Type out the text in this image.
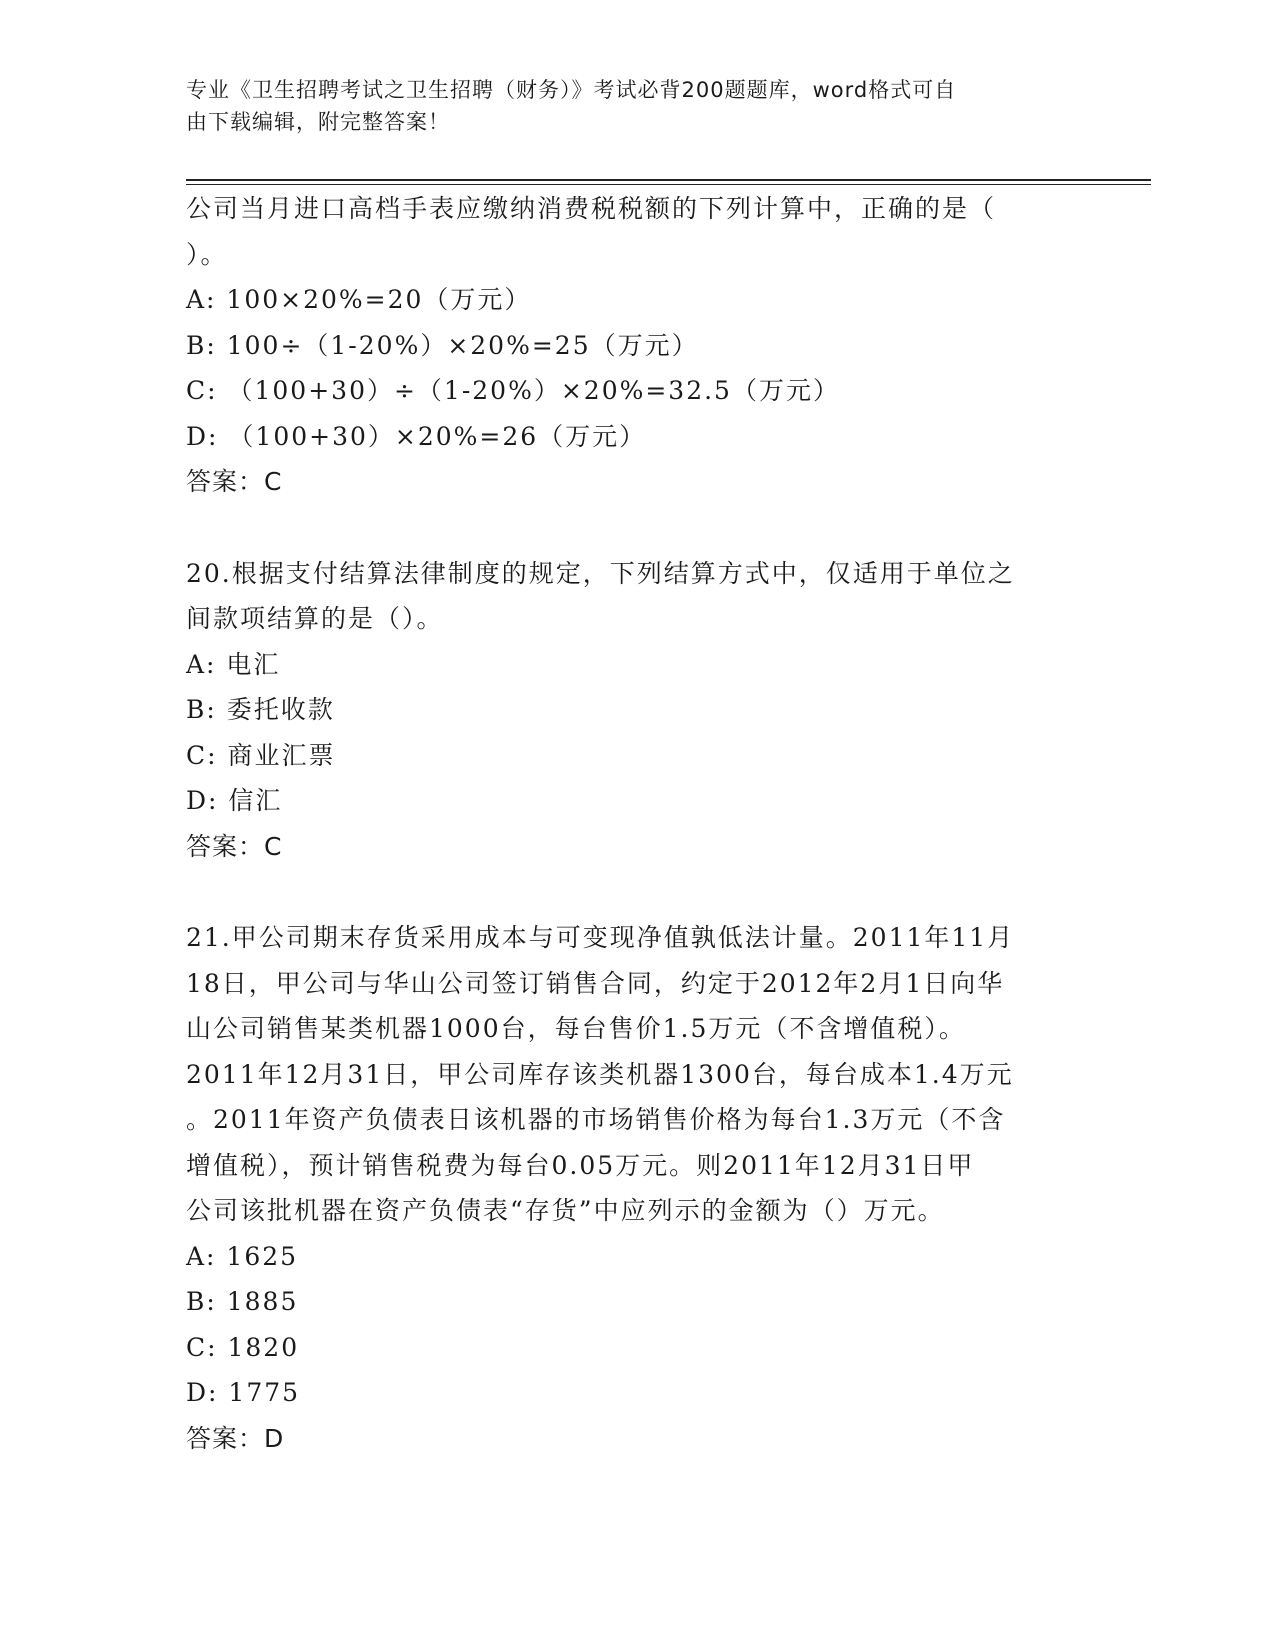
专业《卫生招聘考试之卫生招聘（财务）》考试必背200题题库，word格式可自
由下载编辑，附完整答案！
公司当月进口高档手表应缴纳消费税税额的下列计算中，正确的是（
）。
A: 100×20%=20（万元）
B: 100÷（1-20%）×20%=25（万元）
C: （100+30）÷（1-20%）×20%=32.5（万元）
D: （100+30）×20%=26（万元）
答案：C
20.根据支付结算法律制度的规定，下列结算方式中，仅适用于单位之
间款项结算的是（）。
A: 电汇
B: 委托收款
C: 商业汇票
D: 信汇
答案：C
21.甲公司期末存货采用成本与可变现净值孰低法计量。2011年11月
18日，甲公司与华山公司签订销售合同，约定于2012年2月1日向华
山公司销售某类机器1000台，每台售价1.5万元（不含增值税）。
2011年12月31日，甲公司库存该类机器1300台，每台成本1.4万元
。2011年资产负债表日该机器的市场销售价格为每台1.3万元（不含
增值税），预计销售税费为每台0.05万元。则2011年12月31日甲
公司该批机器在资产负债表“存货”中应列示的金额为（）万元。
A: 1625
B: 1885
C: 1820
D: 1775
答案：D
